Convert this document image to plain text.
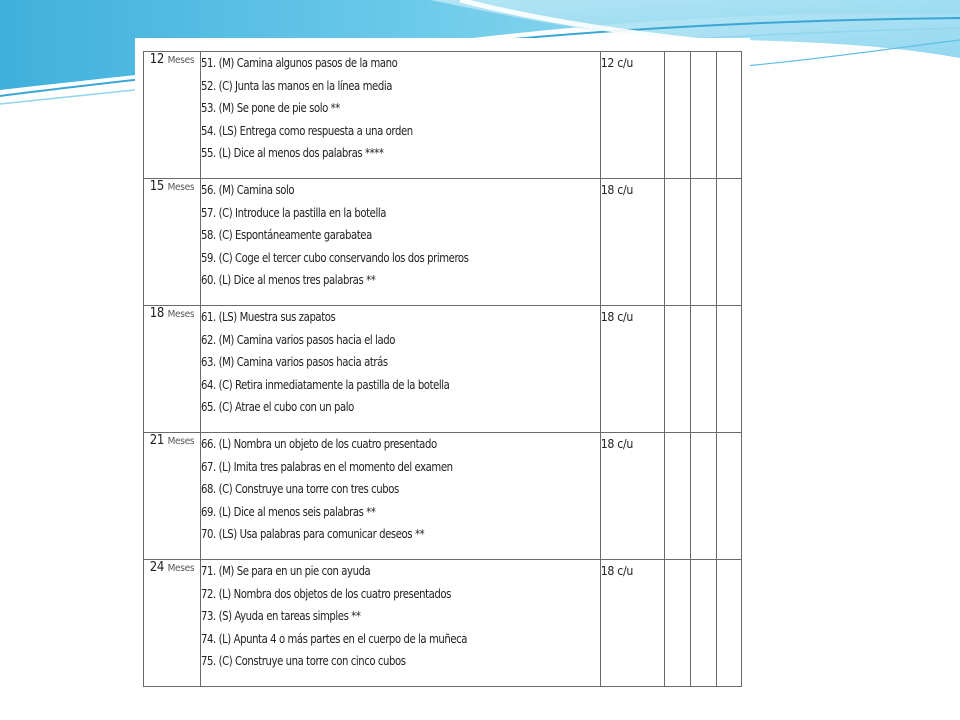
12 Meses	51. (M) Camina algunos pasos de la mano
52. (C) Junta las manos en la línea media
53. (M) Se pone de pie solo **
54. (LS) Entrega como respuesta a una orden
55. (L) Dice al menos dos palabras ****	12 c/u			
15 Meses	56. (M) Camina solo
57. (C) Introduce la pastilla en la botella
58. (C) Espontáneamente garabatea
59. (C) Coge el tercer cubo conservando los dos primeros
60. (L) Dice al menos tres palabras **	18 c/u			
18 Meses	61. (LS) Muestra sus zapatos
62. (M) Camina varios pasos hacia el lado
63. (M) Camina varios pasos hacia atrás
64. (C) Retira inmediatamente la pastilla de la botella
65. (C) Atrae el cubo con un palo	18 c/u			
21 Meses	66. (L) Nombra un objeto de los cuatro presentado
67. (L) Imita tres palabras en el momento del examen
68. (C) Construye una torre con tres cubos
69. (L) Dice al menos seis palabras **
70. (LS) Usa palabras para comunicar deseos **	18 c/u			
24 Meses	71. (M) Se para en un pie con ayuda
72. (L) Nombra dos objetos de los cuatro presentados
73. (S) Ayuda en tareas simples **
74. (L) Apunta 4 o más partes en el cuerpo de la muñeca
75. (C) Construye una torre con cinco cubos	18 c/u			
